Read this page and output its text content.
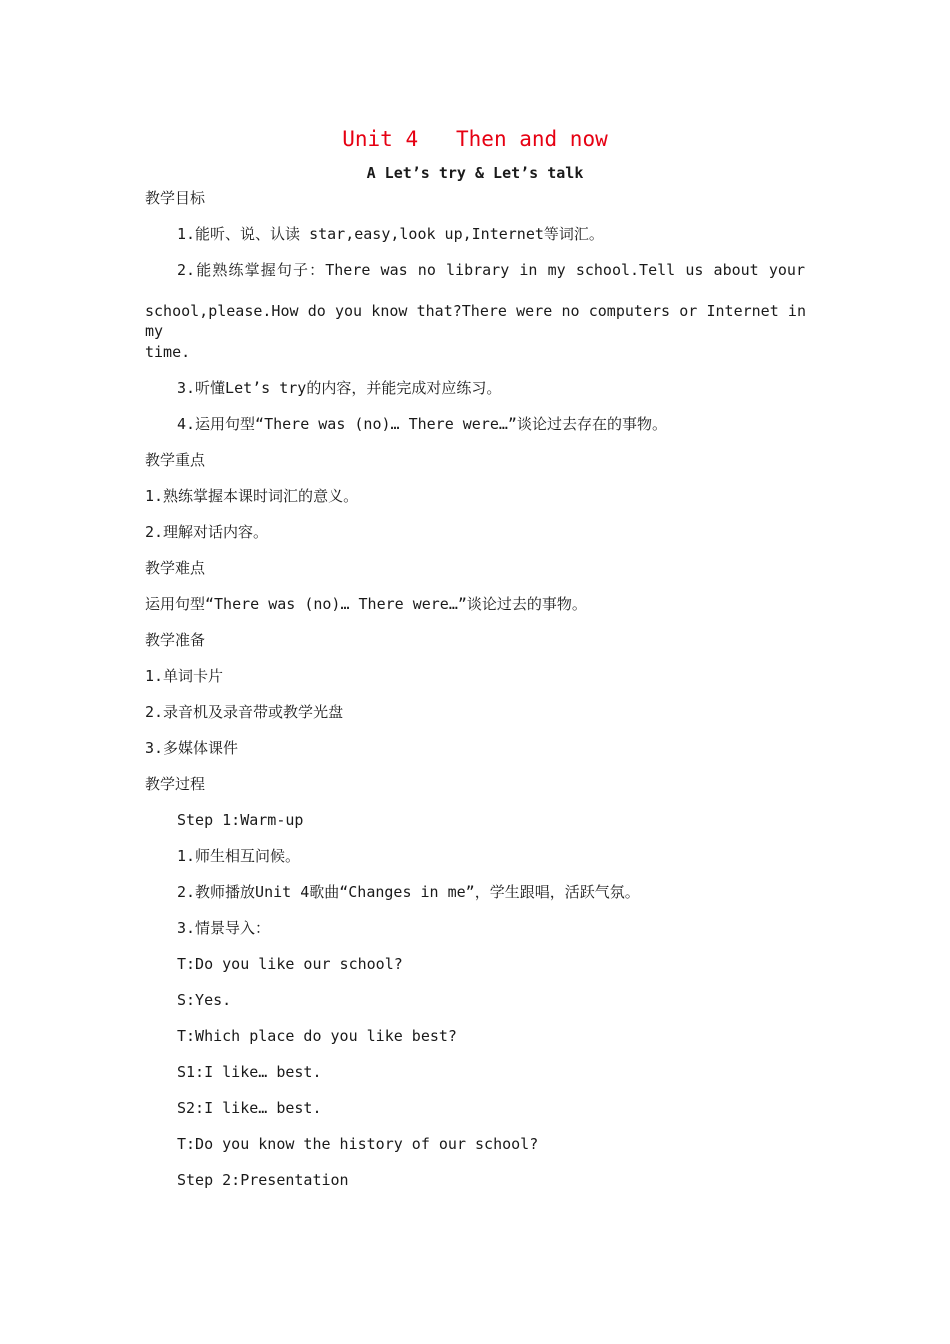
Unit 4   Then and now
A Let’s try & Let’s talk
教学目标
1.能听、说、认读 star,easy,look up,Internet等词汇。
2.能熟练掌握句子：There was no library in my school.Tell us about your
school,please.How do you know that?There were no computers or Internet in my
time.
3.听懂Let’s try的内容，并能完成对应练习。
4.运用句型“There was (no)… There were…”谈论过去存在的事物。
教学重点
1.熟练掌握本课时词汇的意义。
2.理解对话内容。
教学难点
运用句型“There was (no)… There were…”谈论过去的事物。
教学准备
1.单词卡片
2.录音机及录音带或教学光盘
3.多媒体课件
教学过程
Step 1:Warm-up
1.师生相互问候。
2.教师播放Unit 4歌曲“Changes in me”，学生跟唱，活跃气氛。
3.情景导入：
T:Do you like our school?
S:Yes.
T:Which place do you like best?
S1:I like… best.
S2:I like… best.
T:Do you know the history of our school?
Step 2:Presentation
